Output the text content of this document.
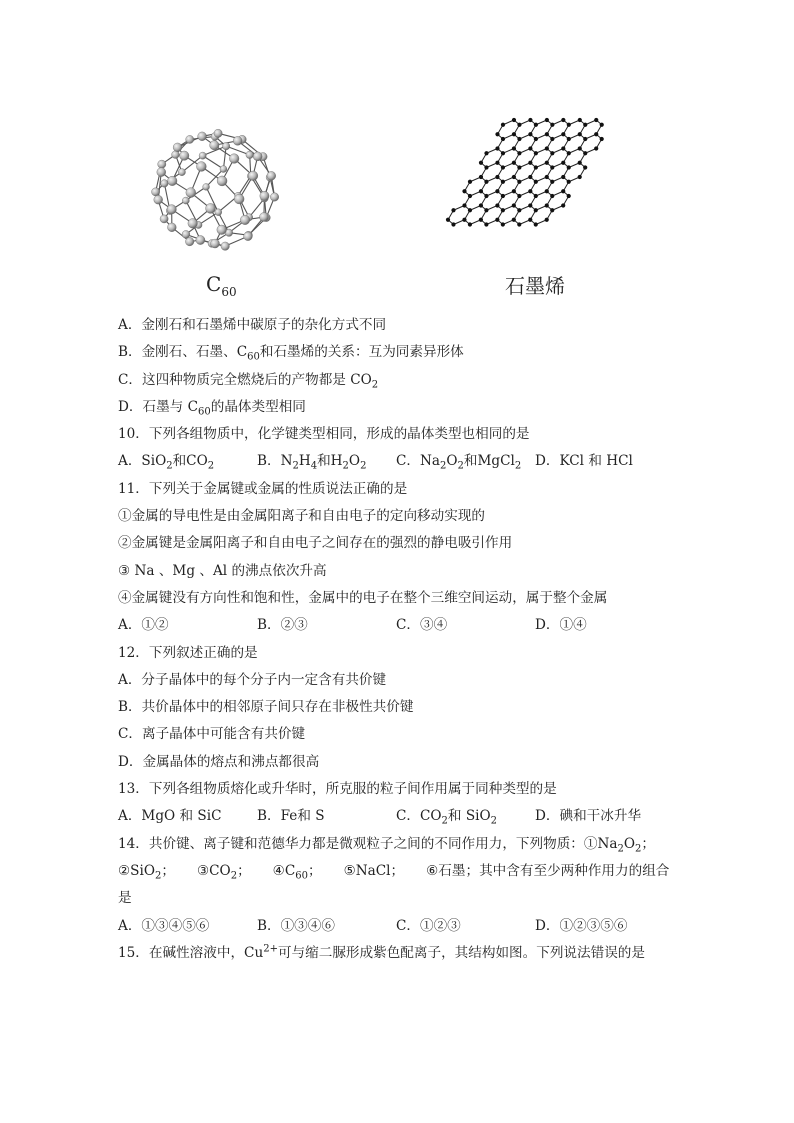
$C_{60}$	石墨烯
A．金刚石和石墨烯中碳原子的杂化方式不同
B．金刚石、石墨、$C_{60}$和石墨烯的关系：互为同素异形体
C．这四种物质完全燃烧后的产物都是 $CO_2$
D．石墨与 $C_{60}$的晶体类型相同
10．下列各组物质中，化学键类型相同，形成的晶体类型也相同的是
A．SiO$_2$和$CO_2$	B．$N_2H_4$和$H_2O_2$	C．$Na_2O_2$和MgCl$_2$	D．KCl 和 HCl
11．下列关于金属键或金属的性质说法正确的是
①金属的导电性是由金属阳离子和自由电子的定向移动实现的
②金属键是金属阳离子和自由电子之间存在的强烈的静电吸引作用
③ Na 、Mg 、Al 的沸点依次升高
④金属键没有方向性和饱和性，金属中的电子在整个三维空间运动，属于整个金属
A．①②	B．②③	C．③④	D．①④
12．下列叙述正确的是
A．分子晶体中的每个分子内一定含有共价键
B．共价晶体中的相邻原子间只存在非极性共价键
C．离子晶体中可能含有共价键
D．金属晶体的熔点和沸点都很高
13．下列各组物质熔化或升华时，所克服的粒子间作用属于同种类型的是
A．MgO 和 SiC	B．Fe和 S	C．$CO_2$和 SiO$_2$	D．碘和干冰升华
14．共价键、离子键和范德华力都是微观粒子之间的不同作用力，下列物质：$①Na_2O_2$；
②SiO$_2$； $③CO_2$； $④C_{60}$； ⑤NaCl； ⑥石墨；其中含有至少两种作用力的组合
是
A．①③④⑤⑥	B．①③④⑥	C．①②③	D．①②③⑤⑥
15．在碱性溶液中，$Cu^{2+}$可与缩二脲形成紫色配离子，其结构如图。下列说法错误的是
